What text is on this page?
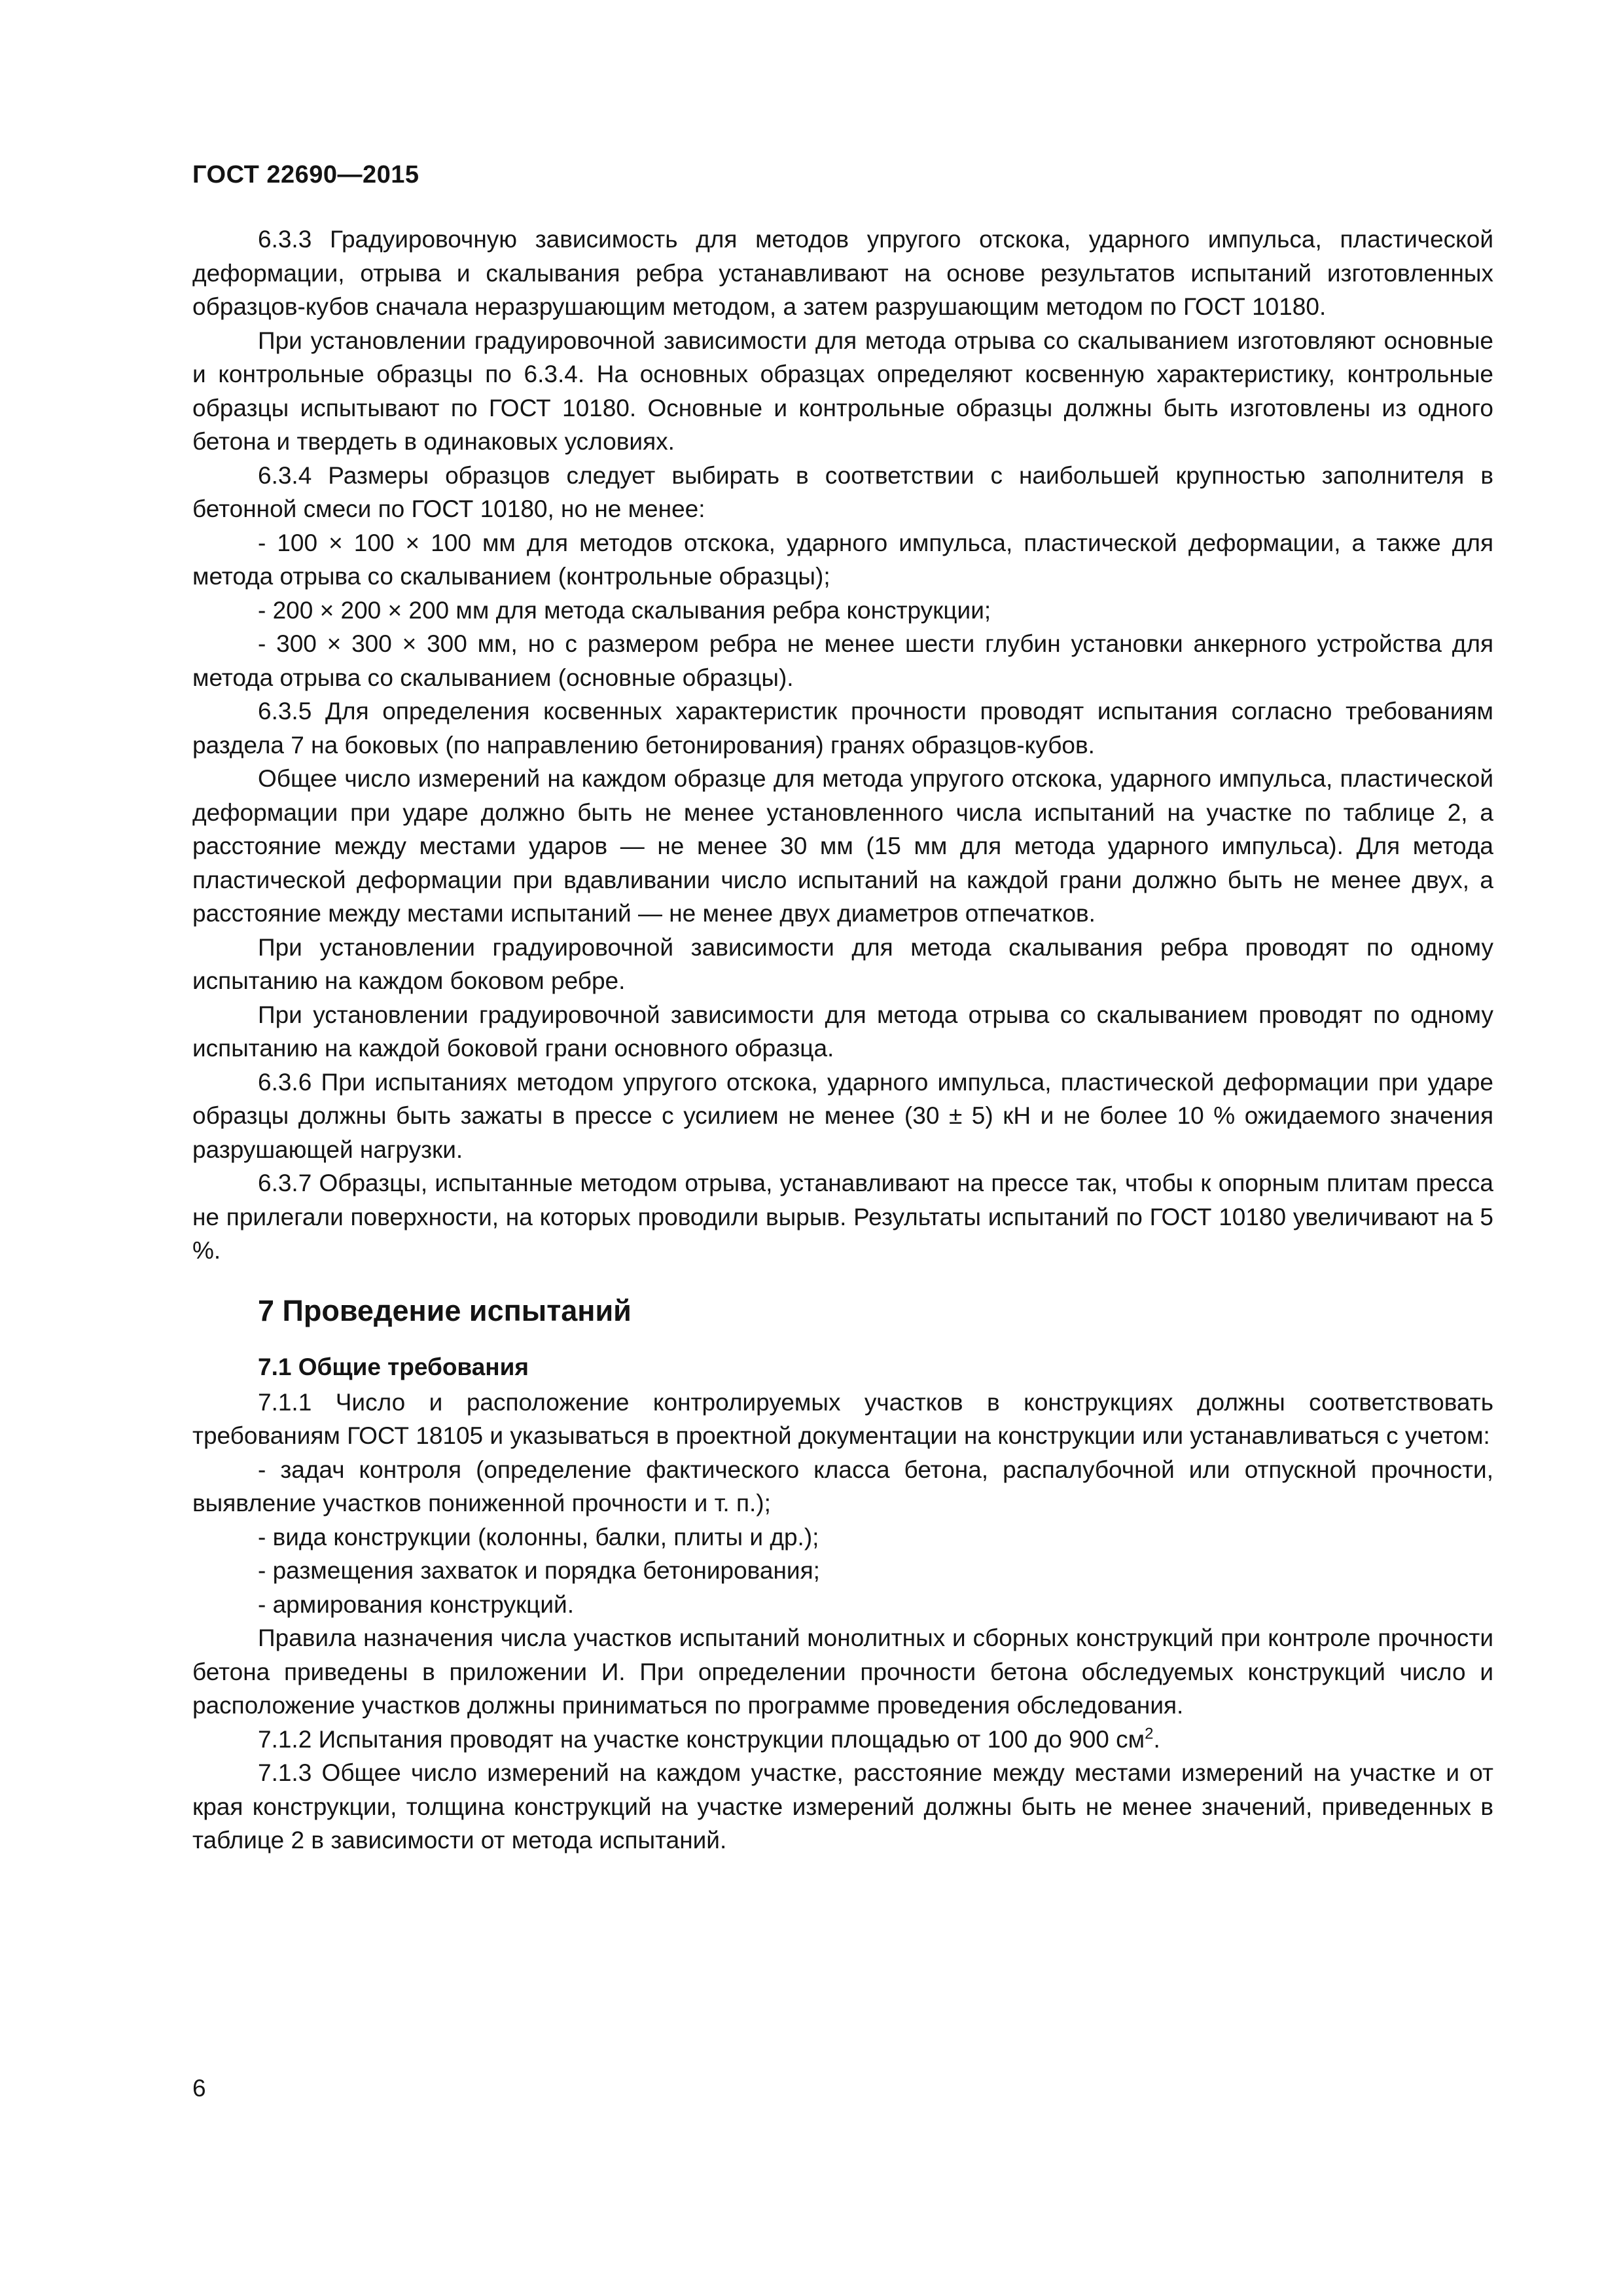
ГОСТ 22690—2015

6.3.3 Градуировочную зависимость для методов упругого отскока, ударного импульса, пластической деформации, отрыва и скалывания ребра устанавливают на основе результатов испытаний изготовленных образцов-кубов сначала неразрушающим методом, а затем разрушающим методом по ГОСТ 10180.

При установлении градуировочной зависимости для метода отрыва со скалыванием изготовляют основные и контрольные образцы по 6.3.4. На основных образцах определяют косвенную характеристику, контрольные образцы испытывают по ГОСТ 10180. Основные и контрольные образцы должны быть изготовлены из одного бетона и твердеть в одинаковых условиях.

6.3.4 Размеры образцов следует выбирать в соответствии с наибольшей крупностью заполнителя в бетонной смеси по ГОСТ 10180, но не менее:

- 100 × 100 × 100 мм для методов отскока, ударного импульса, пластической деформации, а также для метода отрыва со скалыванием (контрольные образцы);

- 200 × 200 × 200 мм для метода скалывания ребра конструкции;

- 300 × 300 × 300 мм, но с размером ребра не менее шести глубин установки анкерного устройства для метода отрыва со скалыванием (основные образцы).

6.3.5 Для определения косвенных характеристик прочности проводят испытания согласно требованиям раздела 7 на боковых (по направлению бетонирования) гранях образцов-кубов.

Общее число измерений на каждом образце для метода упругого отскока, ударного импульса, пластической деформации при ударе должно быть не менее установленного числа испытаний на участке по таблице 2, а расстояние между местами ударов — не менее 30 мм (15 мм для метода ударного импульса). Для метода пластической деформации при вдавливании число испытаний на каждой грани должно быть не менее двух, а расстояние между местами испытаний — не менее двух диаметров отпечатков.

При установлении градуировочной зависимости для метода скалывания ребра проводят по одному испытанию на каждом боковом ребре.

При установлении градуировочной зависимости для метода отрыва со скалыванием проводят по одному испытанию на каждой боковой грани основного образца.

6.3.6 При испытаниях методом упругого отскока, ударного импульса, пластической деформации при ударе образцы должны быть зажаты в прессе с усилием не менее (30 ± 5) кН и не более 10 % ожидаемого значения разрушающей нагрузки.

6.3.7 Образцы, испытанные методом отрыва, устанавливают на прессе так, чтобы к опорным плитам пресса не прилегали поверхности, на которых проводили вырыв. Результаты испытаний по ГОСТ 10180 увеличивают на 5 %.

7 Проведение испытаний
7.1 Общие требования

7.1.1 Число и расположение контролируемых участков в конструкциях должны соответствовать требованиям ГОСТ 18105 и указываться в проектной документации на конструкции или устанавливаться с учетом:

- задач контроля (определение фактического класса бетона, распалубочной или отпускной прочности, выявление участков пониженной прочности и т. п.);

- вида конструкции (колонны, балки, плиты и др.);

- размещения захваток и порядка бетонирования;

- армирования конструкций.

Правила назначения числа участков испытаний монолитных и сборных конструкций при контроле прочности бетона приведены в приложении И. При определении прочности бетона обследуемых конструкций число и расположение участков должны приниматься по программе проведения обследования.

7.1.2 Испытания проводят на участке конструкции площадью от 100 до 900 $см^2$.

7.1.3 Общее число измерений на каждом участке, расстояние между местами измерений на участке и от края конструкции, толщина конструкций на участке измерений должны быть не менее значений, приведенных в таблице 2 в зависимости от метода испытаний.

6
